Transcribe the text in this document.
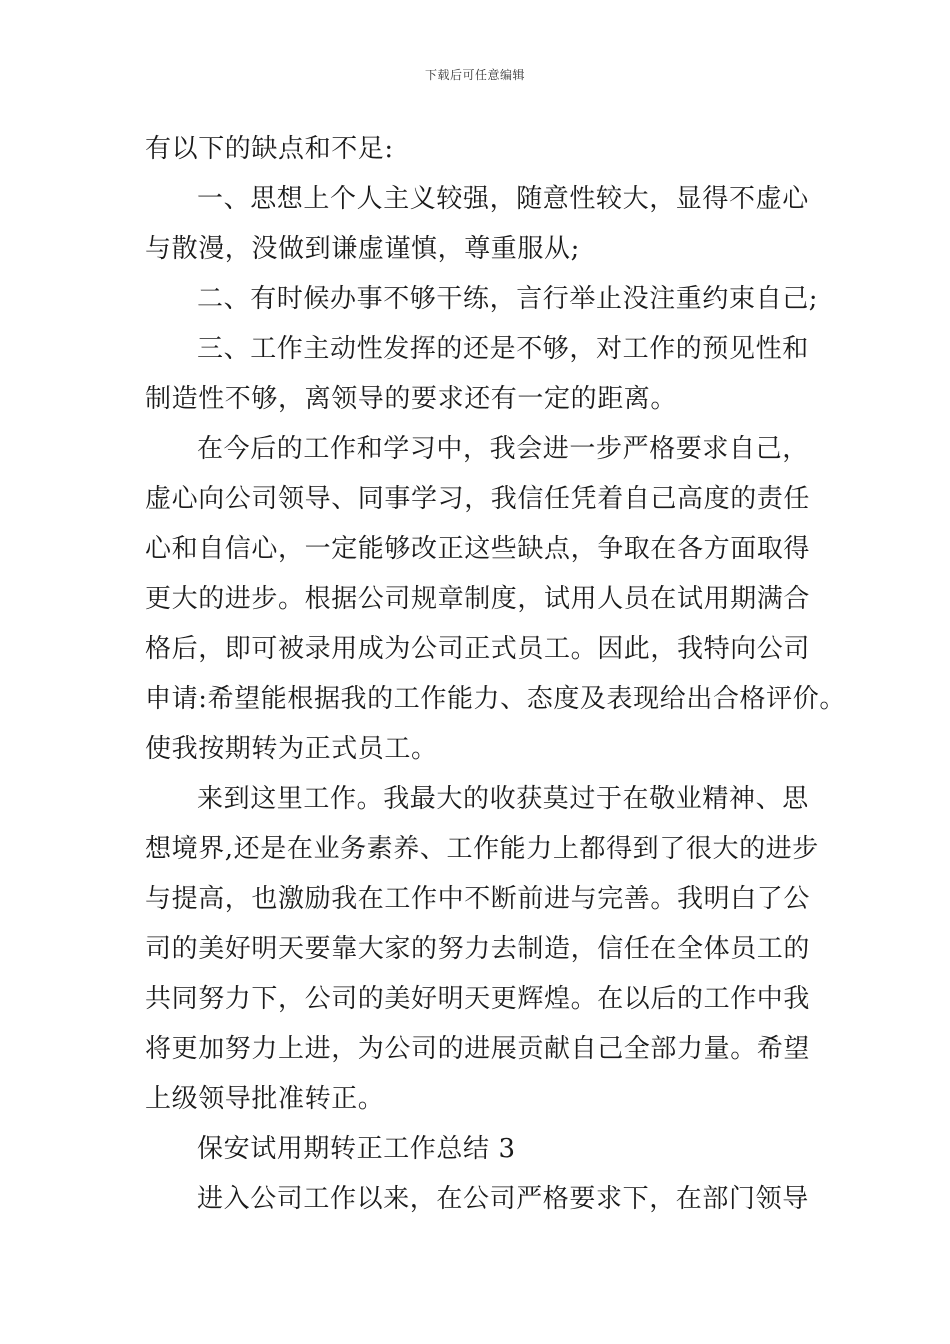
下载后可任意编辑
有以下的缺点和不足:
一、思想上个人主义较强，随意性较大，显得不虚心
与散漫，没做到谦虚谨慎，尊重服从;
二、有时候办事不够干练，言行举止没注重约束自己;
三、工作主动性发挥的还是不够，对工作的预见性和
制造性不够，离领导的要求还有一定的距离。
在今后的工作和学习中，我会进一步严格要求自己，
虚心向公司领导、同事学习，我信任凭着自己高度的责任
心和自信心，一定能够改正这些缺点，争取在各方面取得
更大的进步。根据公司规章制度，试用人员在试用期满合
格后，即可被录用成为公司正式员工。因此，我特向公司
申请:希望能根据我的工作能力、态度及表现给出合格评价。
使我按期转为正式员工。
来到这里工作。我最大的收获莫过于在敬业精神、思
想境界,还是在业务素养、工作能力上都得到了很大的进步
与提高，也激励我在工作中不断前进与完善。我明白了公
司的美好明天要靠大家的努力去制造，信任在全体员工的
共同努力下，公司的美好明天更辉煌。在以后的工作中我
将更加努力上进，为公司的进展贡献自己全部力量。希望
上级领导批准转正。
保安试用期转正工作总结 3
进入公司工作以来，在公司严格要求下，在部门领导
